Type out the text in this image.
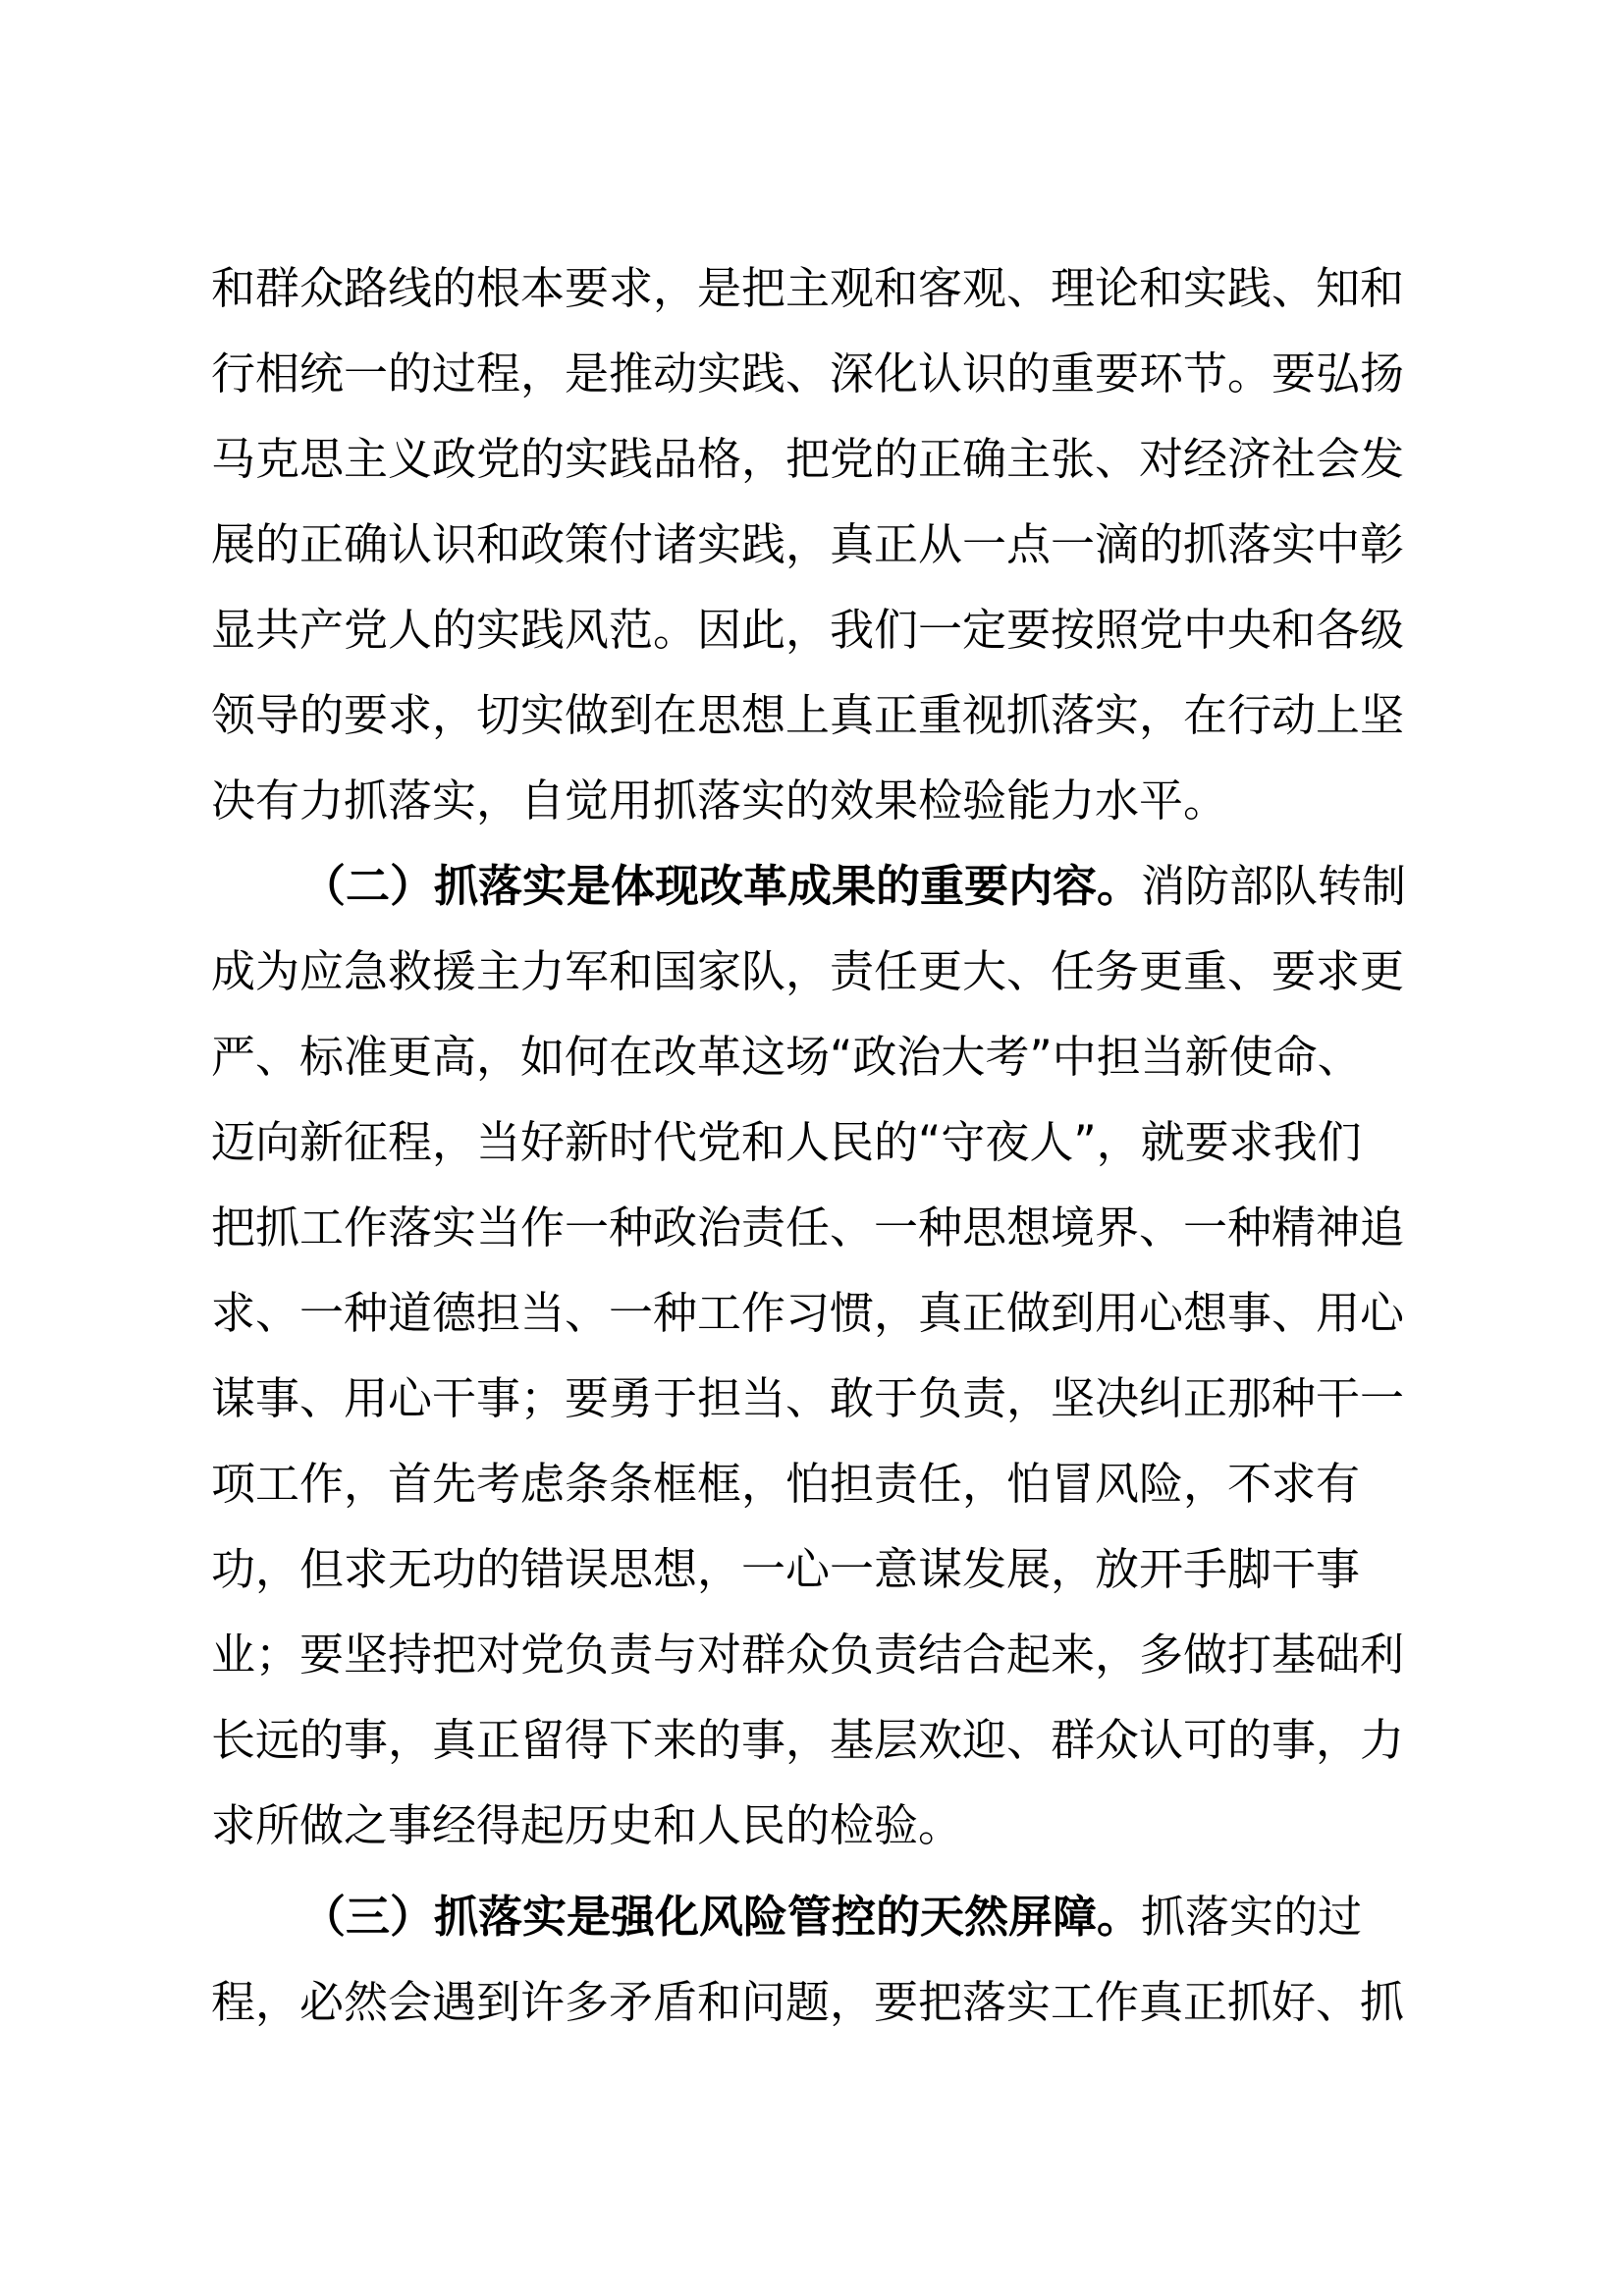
和群众路线的根本要求，是把主观和客观、理论和实践、知和
行相统一的过程，是推动实践、深化认识的重要环节。要弘扬
马克思主义政党的实践品格，把党的正确主张、对经济社会发
展的正确认识和政策付诸实践，真正从一点一滴的抓落实中彰
显共产党人的实践风范。因此，我们一定要按照党中央和各级
领导的要求，切实做到在思想上真正重视抓落实，在行动上坚
决有力抓落实，自觉用抓落实的效果检验能力水平。
（二）抓落实是体现改革成果的重要内容。消防部队转制
成为应急救援主力军和国家队，责任更大、任务更重、要求更
严、标准更高，如何在改革这场“政治大考”中担当新使命、
迈向新征程，当好新时代党和人民的“守夜人”，就要求我们
把抓工作落实当作一种政治责任、一种思想境界、一种精神追
求、一种道德担当、一种工作习惯，真正做到用心想事、用心
谋事、用心干事；要勇于担当、敢于负责，坚决纠正那种干一
项工作，首先考虑条条框框，怕担责任，怕冒风险，不求有
功，但求无功的错误思想，一心一意谋发展，放开手脚干事
业；要坚持把对党负责与对群众负责结合起来，多做打基础利
长远的事，真正留得下来的事，基层欢迎、群众认可的事，力
求所做之事经得起历史和人民的检验。
（三）抓落实是强化风险管控的天然屏障。抓落实的过
程，必然会遇到许多矛盾和问题，要把落实工作真正抓好、抓
